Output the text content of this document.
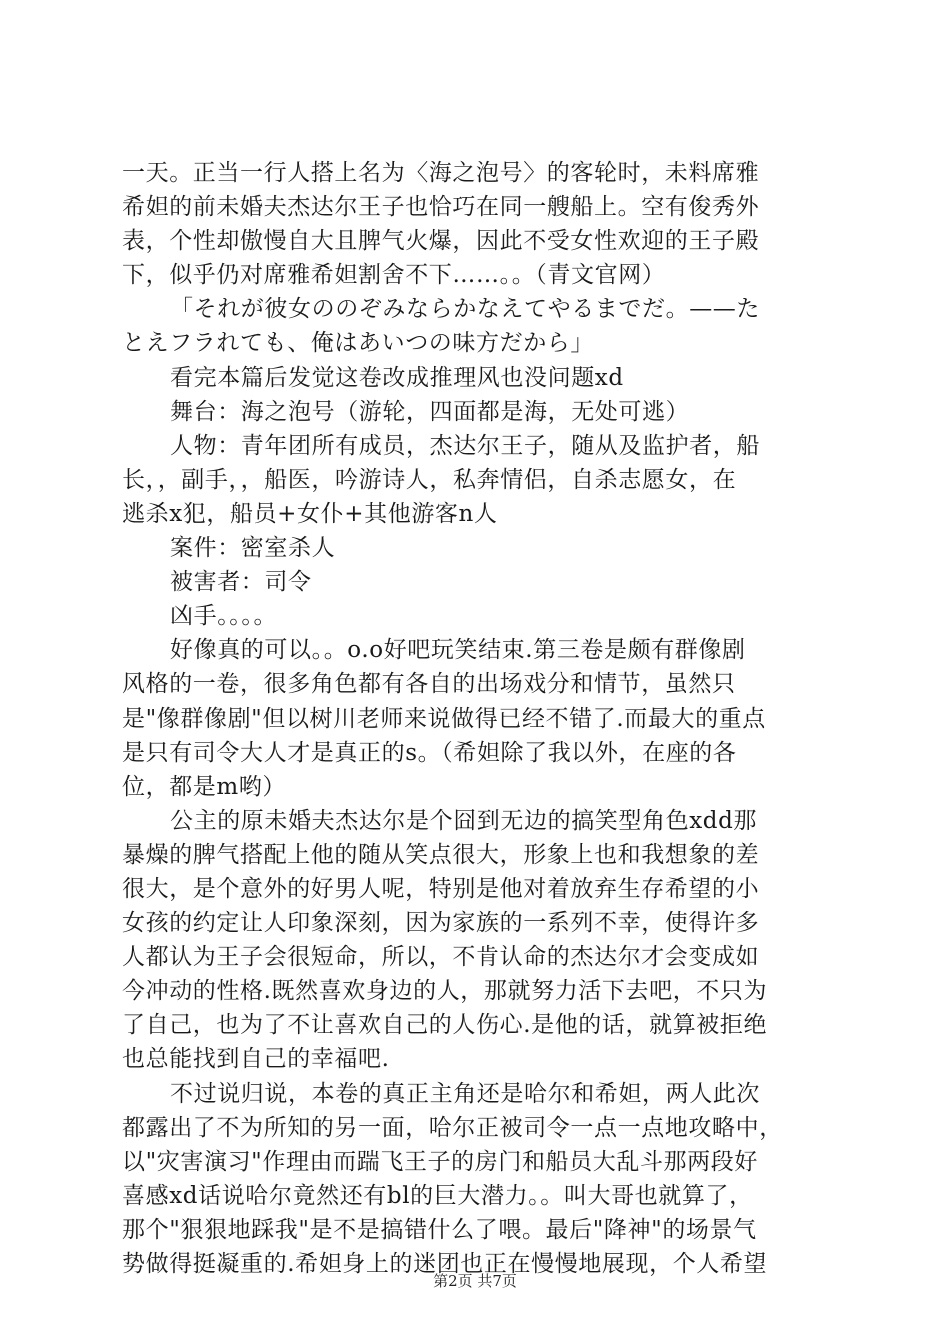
一天。正当一行人搭上名为〈海之泡号〉的客轮时，未料席雅
希妲的前未婚夫杰达尔王子也恰巧在同一艘船上。空有俊秀外
表，个性却傲慢自大且脾气火爆，因此不受女性欢迎的王子殿
下，似乎仍对席雅希妲割舍不下……。。（青文官网）
「それが彼女ののぞみならかなえてやるまでだ。——た
とえフラれても、俺はあいつの味方だから」
看完本篇后发觉这卷改成推理风也没问题xd
舞台：海之泡号（游轮，四面都是海，无处可逃）
人物：青年团所有成员，杰达尔王子，随从及监护者，船
长，，副手，，船医，吟游诗人，私奔情侣，自杀志愿女，在
逃杀x犯，船员+女仆+其他游客n人
案件：密室杀人
被害者：司令
凶手。。。。
好像真的可以。。o.o好吧玩笑结束.第三卷是颇有群像剧
风格的一卷，很多角色都有各自的出场戏分和情节，虽然只
是"像群像剧"但以树川老师来说做得已经不错了.而最大的重点
是只有司令大人才是真正的s。（希妲除了我以外，在座的各
位，都是m哟）
公主的原未婚夫杰达尔是个囧到无边的搞笑型角色xdd那
暴燥的脾气搭配上他的随从笑点很大，形象上也和我想象的差
很大，是个意外的好男人呢，特别是他对着放弃生存希望的小
女孩的约定让人印象深刻，因为家族的一系列不幸，使得许多
人都认为王子会很短命，所以，不肯认命的杰达尔才会变成如
今冲动的性格.既然喜欢身边的人，那就努力活下去吧，不只为
了自己，也为了不让喜欢自己的人伤心.是他的话，就算被拒绝
也总能找到自己的幸福吧.
不过说归说，本卷的真正主角还是哈尔和希妲，两人此次
都露出了不为所知的另一面，哈尔正被司令一点一点地攻略中，
以"灾害演习"作理由而踹飞王子的房门和船员大乱斗那两段好
喜感xd话说哈尔竟然还有bl的巨大潜力。。叫大哥也就算了，
那个"狠狠地踩我"是不是搞错什么了喂。最后"降神"的场景气
势做得挺凝重的.希妲身上的迷团也正在慢慢地展现，个人希望
第2页 共7页
